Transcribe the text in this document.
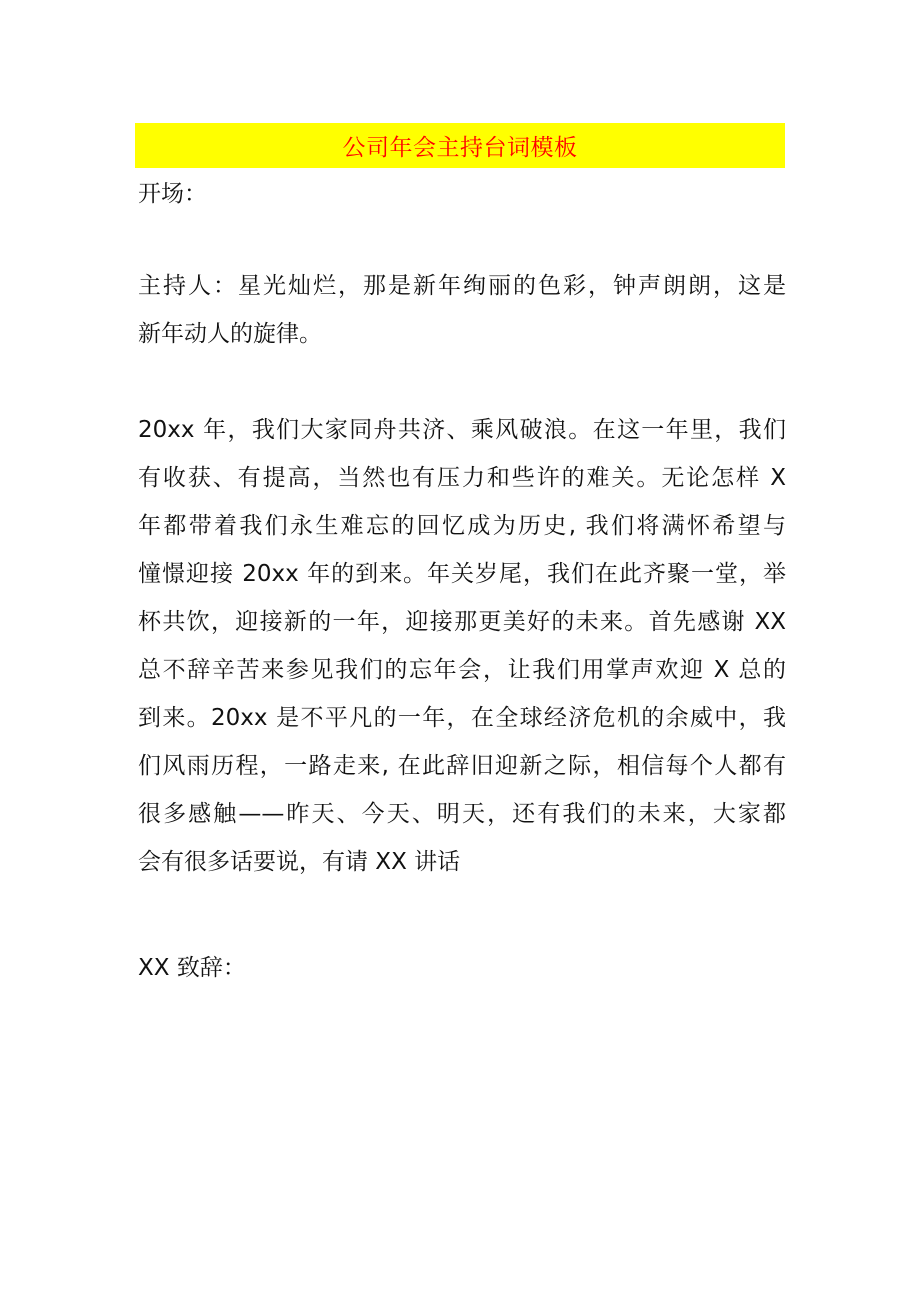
公司年会主持台词模板
开场：
主持人：星光灿烂，那是新年绚丽的色彩，钟声朗朗，这是
新年动人的旋律。
20xx 年，我们大家同舟共济、乘风破浪。在这一年里，我们
有收获、有提高，当然也有压力和些许的难关。无论怎样 X
年都带着我们永生难忘的回忆成为历史, 我们将满怀希望与
憧憬迎接 20xx 年的到来。年关岁尾，我们在此齐聚一堂，举
杯共饮，迎接新的一年，迎接那更美好的未来。首先感谢 XX
总不辞辛苦来参见我们的忘年会，让我们用掌声欢迎 X 总的
到来。20xx 是不平凡的一年，在全球经济危机的余威中，我
们风雨历程，一路走来, 在此辞旧迎新之际，相信每个人都有
很多感触——昨天、今天、明天，还有我们的未来，大家都
会有很多话要说，有请 XX 讲话
XX 致辞：
